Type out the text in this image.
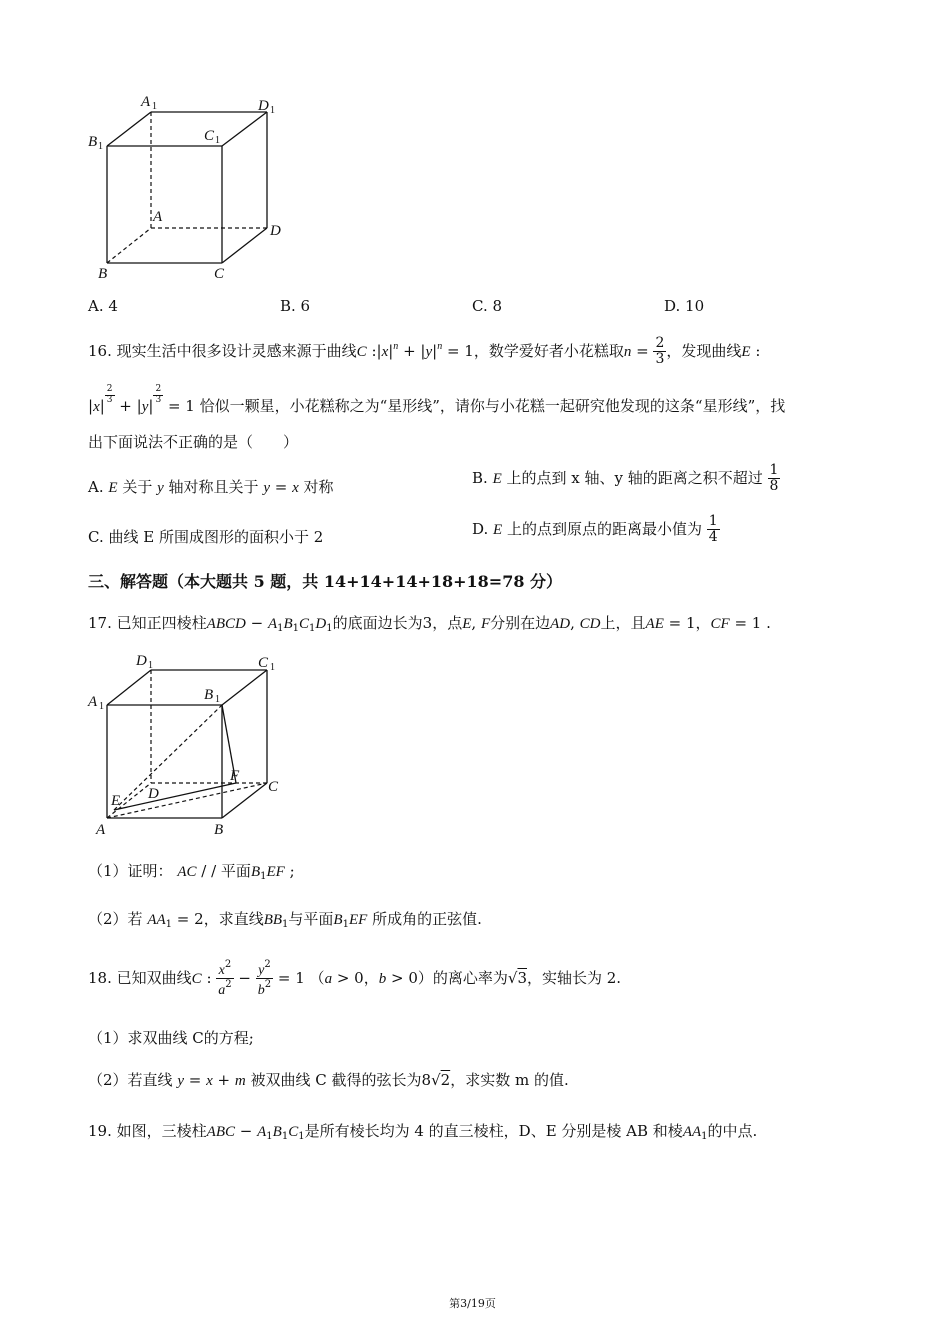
A 1	D 1
B 1
C 1
A
D
B	C
A. 4	B. 6	C. 8	D. 10
16. 现实生活中很多设计灵感来源于曲线C $:|x|^n + |y|^n = 1$，数学爱好者小花糕取$n = \frac{2}{3}$ ，发现曲线E :
|x|
$\frac{2}{3}$
+ |y|
$\frac{2}{3}$
= 1 恰似一颗星，小花糕称之为“星形线”，请你与小花糕一起研究他发现的这条“星形线”，找
出下面说法不正确的是（　　）
A. E 关于 y 轴对称且关于 y = x 对称
B. E 上的点到 x 轴、y 轴的距离之积不超过 $\frac{1}{8}$
C. 曲线 E 所围成图形的面积小于 2	D. E 上的点到原点的距离最小值为 $\frac{1}{4}$
三、解答题（本大题共 5 题，共 14+14+14+18+18=78 分）
17. 已知正四棱柱ABCD − $A_1B_1C_1D_1$的底面边长为3，点E, F分别在边AD, CD上，且AE = 1，CF = 1 .
D 1	C 1
A 1
B 1
F
C
D
E
A	B
（1）证明： AC / / 平面$B_1EF$ ;
（2）若 $AA_1 = 2$，求直线$BB_1$与平面$B_1EF$ 所成角的正弦值.
18. 已知双曲线C : $\frac{x^2}{a^2} - \frac{y^2}{b^2} = 1$ （a > 0，b > 0）的离心率为√3，实轴长为 2.
（1）求双曲线 C的方程;
（2）若直线 y = x + m 被双曲线 C 截得的弦长为8√2，求实数 m 的值.
19. 如图，三棱柱ABC − $A_1B_1C_1$是所有棱长均为 4 的直三棱柱，D、E 分别是棱 AB 和棱$AA_1$的中点.
第3/19页
